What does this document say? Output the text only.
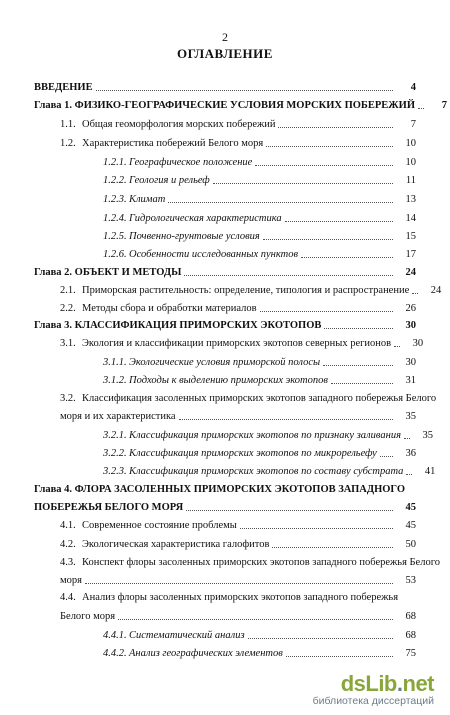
2
ОГЛАВЛЕНИЕ
ВВЕДЕНИЕ	4
Глава 1. ФИЗИКО-ГЕОГРАФИЧЕСКИЕ УСЛОВИЯ МОРСКИХ ПОБЕРЕЖИЙ	7
1.1. Общая геоморфология морских побережий	7
1.2. Характеристика побережий Белого моря	10
1.2.1. Географическое положение	10
1.2.2. Геология и рельеф	11
1.2.3. Климат	13
1.2.4. Гидрологическая характеристика	14
1.2.5. Почвенно-грунтовые условия	15
1.2.6. Особенности исследованных пунктов	17
Глава 2. ОБЪЕКТ И МЕТОДЫ	24
2.1. Приморская растительность: определение, типология и распространение	24
2.2. Методы сбора и обработки материалов	26
Глава 3. КЛАССИФИКАЦИЯ ПРИМОРСКИХ ЭКОТОПОВ	30
3.1. Экология и классификации приморских экотопов северных регионов	30
3.1.1. Экологические условия приморской полосы	30
3.1.2. Подходы к выделению приморских экотопов	31
3.2. Классификация засоленных приморских экотопов западного побережья Белого
моря и их характеристика	35
3.2.1. Классификация приморских экотопов по признаку заливания	35
3.2.2. Классификация приморских экотопов по микрорельефу	36
3.2.3. Классификация приморских экотопов по составу субстрата	41
Глава 4. ФЛОРА ЗАСОЛЕННЫХ ПРИМОРСКИХ ЭКОТОПОВ ЗАПАДНОГО
ПОБЕРЕЖЬЯ БЕЛОГО МОРЯ	45
4.1. Современное состояние проблемы	45
4.2. Экологическая характеристика галофитов	50
4.3. Конспект флоры засоленных приморских экотопов западного побережья Белого
моря	53
4.4. Анализ флоры засоленных приморских экотопов западного побережья
Белого моря	68
4.4.1. Систематический анализ	68
4.4.2. Анализ географических элементов	75
dsLib.net
библиотека диссертаций
